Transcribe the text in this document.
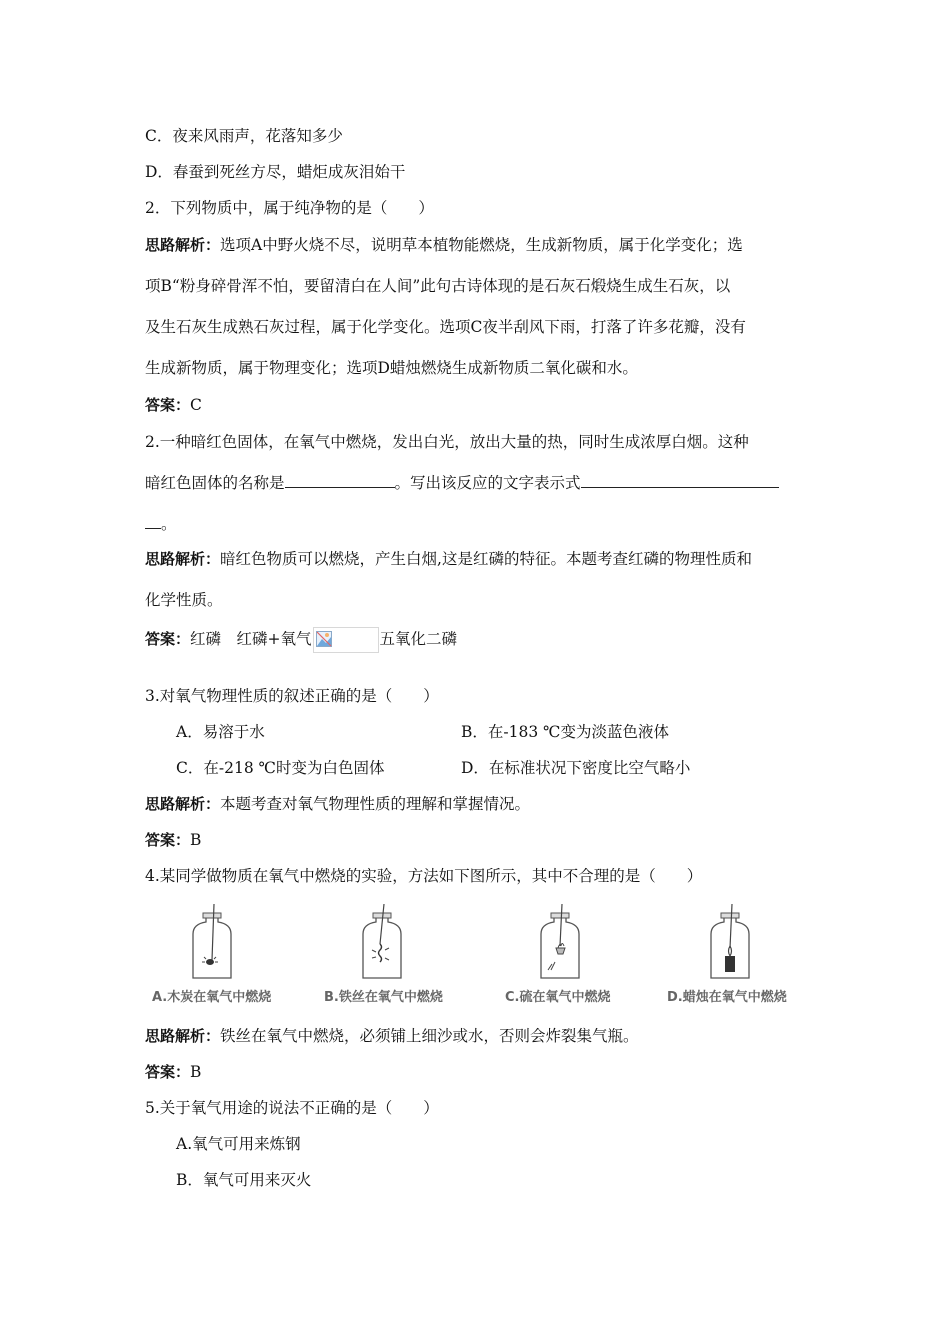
C．夜来风雨声，花落知多少
D．春蚕到死丝方尽，蜡炬成灰泪始干
2．下列物质中，属于纯净物的是（　　）
思路解析：选项A中野火烧不尽，说明草本植物能燃烧，生成新物质，属于化学变化；选
项B“粉身碎骨浑不怕，要留清白在人间”此句古诗体现的是石灰石煅烧生成生石灰，以
及生石灰生成熟石灰过程，属于化学变化。选项C夜半刮风下雨，打落了许多花瓣，没有
生成新物质，属于物理变化；选项D蜡烛燃烧生成新物质二氧化碳和水。
答案：C
2.一种暗红色固体，在氧气中燃烧，发出白光，放出大量的热，同时生成浓厚白烟。这种
暗红色固体的名称是	。写出该反应的文字表示式
。
思路解析：暗红色物质可以燃烧，产生白烟,这是红磷的特征。本题考查红磷的物理性质和
化学性质。
答案：红磷　红磷+氧气	五氧化二磷
3.对氧气物理性质的叙述正确的是（　　）
A．易溶于水	B．在-183 ℃变为淡蓝色液体
C．在-218 ℃时变为白色固体	D．在标准状况下密度比空气略小
思路解析：本题考查对氧气物理性质的理解和掌握情况。
答案：B
4.某同学做物质在氧气中燃烧的实验，方法如下图所示，其中不合理的是（　　）
A.木炭在氧气中燃烧	B.铁丝在氧气中燃烧	C.硫在氧气中燃烧	D.蜡烛在氧气中燃烧
思路解析：铁丝在氧气中燃烧，必须铺上细沙或水，否则会炸裂集气瓶。
答案：B
5.关于氧气用途的说法不正确的是（　　）
A.氧气可用来炼钢
B．氧气可用来灭火
